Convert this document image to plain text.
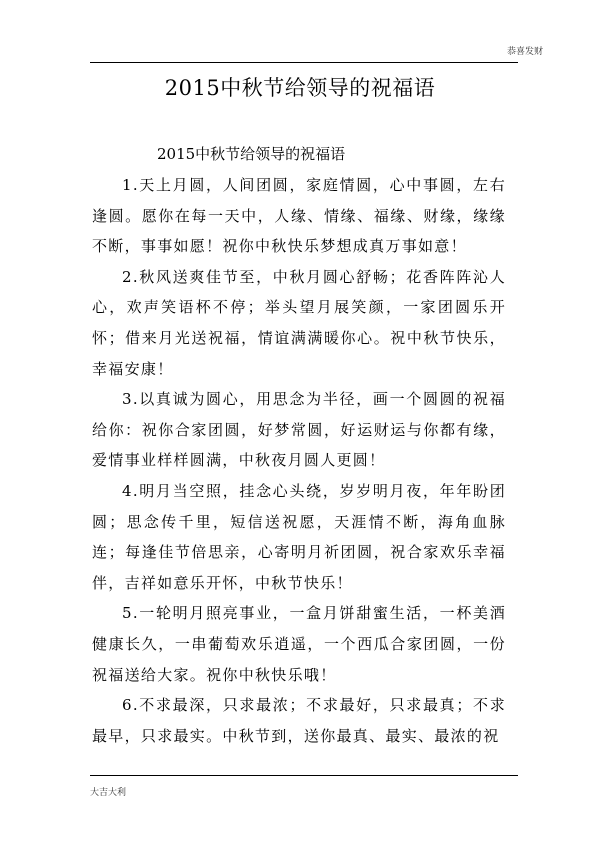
恭喜发财
2015中秋节给领导的祝福语
2015中秋节给领导的祝福语

1.天上月圆，人间团圆，家庭情圆，心中事圆，左右逢圆。愿你在每一天中，人缘、情缘、福缘、财缘，缘缘不断，事事如愿！祝你中秋快乐梦想成真万事如意！

2.秋风送爽佳节至，中秋月圆心舒畅；花香阵阵沁人心，欢声笑语杯不停；举头望月展笑颜，一家团圆乐开怀；借来月光送祝福，情谊满满暖你心。祝中秋节快乐，幸福安康！

3.以真诚为圆心，用思念为半径，画一个圆圆的祝福给你：祝你合家团圆，好梦常圆，好运财运与你都有缘，爱情事业样样圆满，中秋夜月圆人更圆！

4.明月当空照，挂念心头绕，岁岁明月夜，年年盼团圆；思念传千里，短信送祝愿，天涯情不断，海角血脉连；每逢佳节倍思亲，心寄明月祈团圆，祝合家欢乐幸福伴，吉祥如意乐开怀，中秋节快乐！

5.一轮明月照亮事业，一盒月饼甜蜜生活，一杯美酒健康长久，一串葡萄欢乐逍遥，一个西瓜合家团圆，一份祝福送给大家。祝你中秋快乐哦！

6.不求最深，只求最浓；不求最好，只求最真；不求最早，只求最实。中秋节到，送你最真、最实、最浓的祝

大吉大利
